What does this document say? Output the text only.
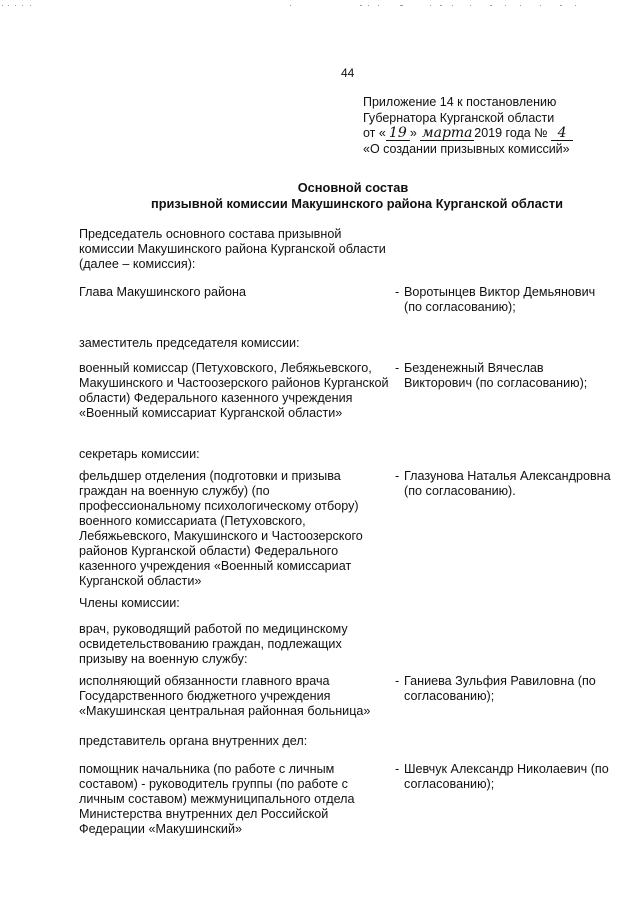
44
Приложение 14 к постановлению
Губернатора Курганской области
от « 19 » марта 2019 года № 4
«О создании призывных комиссий»
Основной состав
призывной комиссии Макушинского района Курганской области
Председатель основного состава призывной комиссии Макушинского района Курганской области (далее – комиссия):
Глава Макушинского района	- Воротынцев Виктор Демьянович (по согласованию);
заместитель председателя комиссии:
военный комиссар (Петуховского, Лебяжьевского, Макушинского и Частоозерского районов Курганской области) Федерального казенного учреждения «Военный комиссариат Курганской области»
- Безденежный Вячеслав Викторович (по согласованию);
секретарь комиссии:
фельдшер отделения (подготовки и призыва граждан на военную службу) (по профессиональному психологическому отбору) военного комиссариата (Петуховского, Лебяжьевского, Макушинского и Частоозерского районов Курганской области) Федерального казенного учреждения «Военный комиссариат Курганской области»
- Глазунова Наталья Александровна (по согласованию).
Члены комиссии:
врач, руководящий работой по медицинскому освидетельствованию граждан, подлежащих призыву на военную службу:
исполняющий обязанности главного врача Государственного бюджетного учреждения «Макушинская центральная районная больница»
- Ганиева Зульфия Равиловна (по согласованию);
представитель органа внутренних дел:
помощник начальника (по работе с личным составом) - руководитель группы (по работе с личным составом) межмуниципального отдела Министерства внутренних дел Российской Федерации «Макушинский»
- Шевчук Александр Николаевич (по согласованию);
